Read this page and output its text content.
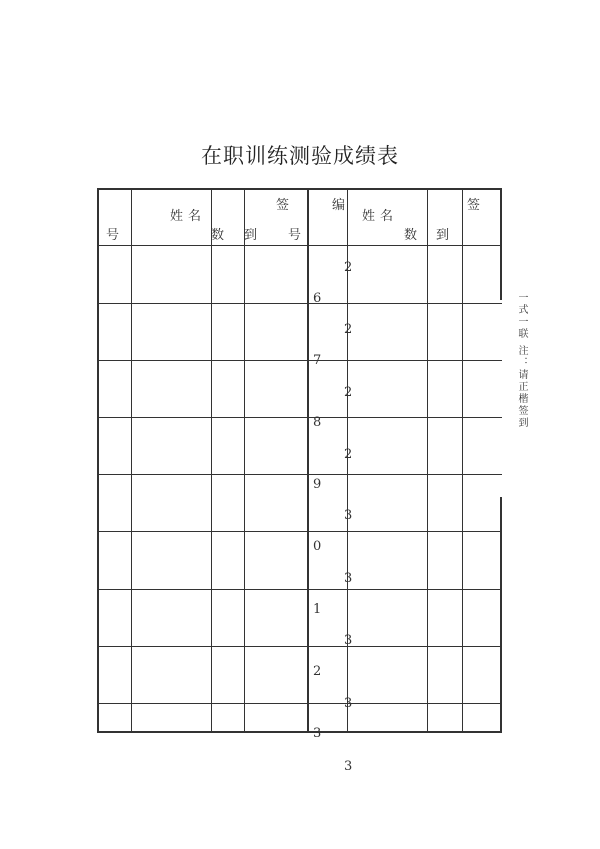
在职训练测验成绩表
号
姓名
数 到
签
号
编
姓名
数 到
签
2
6
2
7
2
8
2
9
3
0
3
1
3
2
3
3
3
一式一联 注：请正楷签到
